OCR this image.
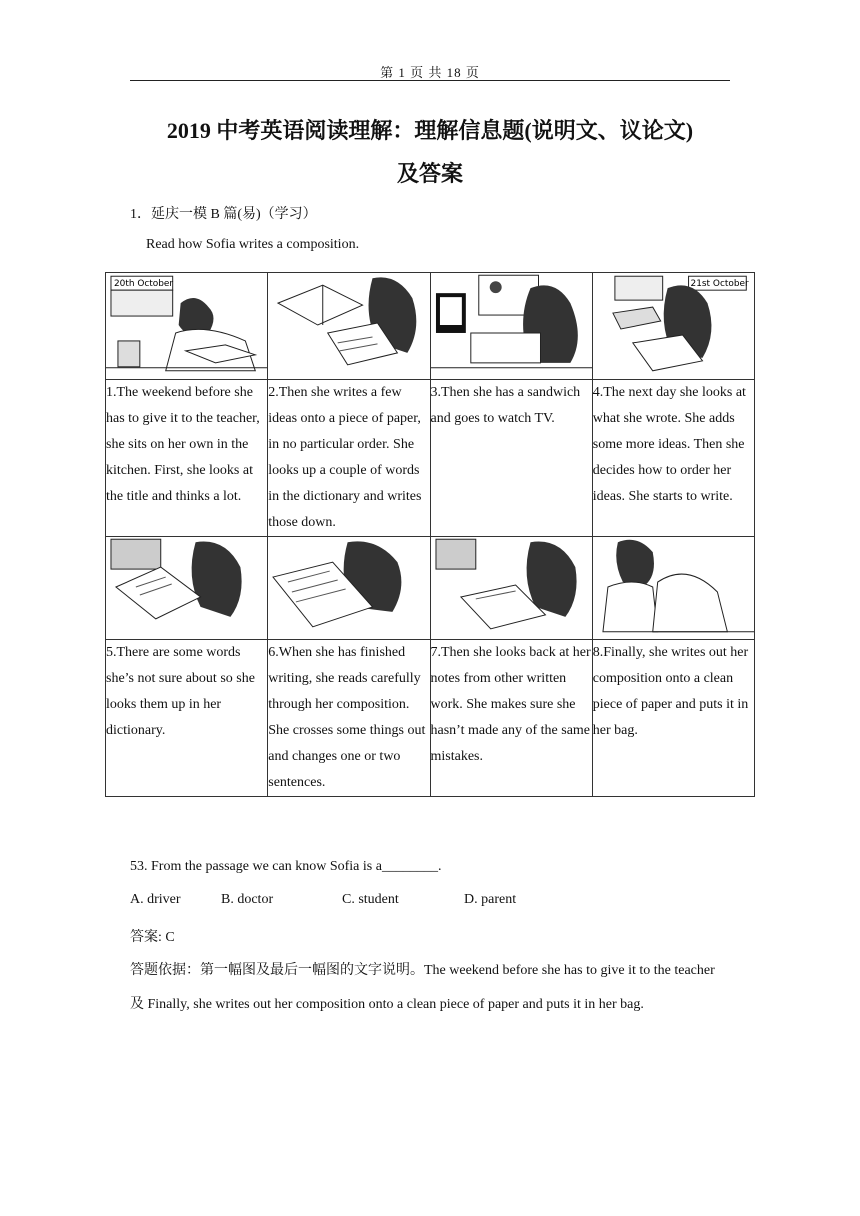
第 1 页 共 18 页
2019 中考英语阅读理解：理解信息题(说明文、议论文)
及答案
1．延庆一模 B 篇(易)（学习）
Read how Sofia writes a composition.
20th October			21st October

1.The weekend before she has to give it to the teacher, she sits on her own in the kitchen. First, she looks at the title and thinks a lot.	2.Then she writes a few ideas onto a piece of paper, in no particular order. She looks up a couple of words in the dictionary and writes those down.	3.Then she has a sandwich and goes to watch TV.	4.The next day she looks at what she wrote. She adds some more ideas. Then she decides how to order her ideas. She starts to write.

5.There are some words she’s not sure about so she looks them up in her dictionary.	6.When she has finished writing, she reads carefully through her composition. She crosses some things out and changes one or two sentences.	7.Then she looks back at her notes from other written work. She makes sure she hasn’t made any of the same mistakes.	8.Finally, she writes out her composition onto a clean piece of paper and puts it in her bag.
53. From the passage we can know Sofia is a________.
A. driver	B. doctor	C. student	D. parent
答案: C
答题依据：第一幅图及最后一幅图的文字说明。The weekend before she has to give it to the teacher 及 Finally, she writes out her composition onto a clean piece of paper and puts it in her bag.
